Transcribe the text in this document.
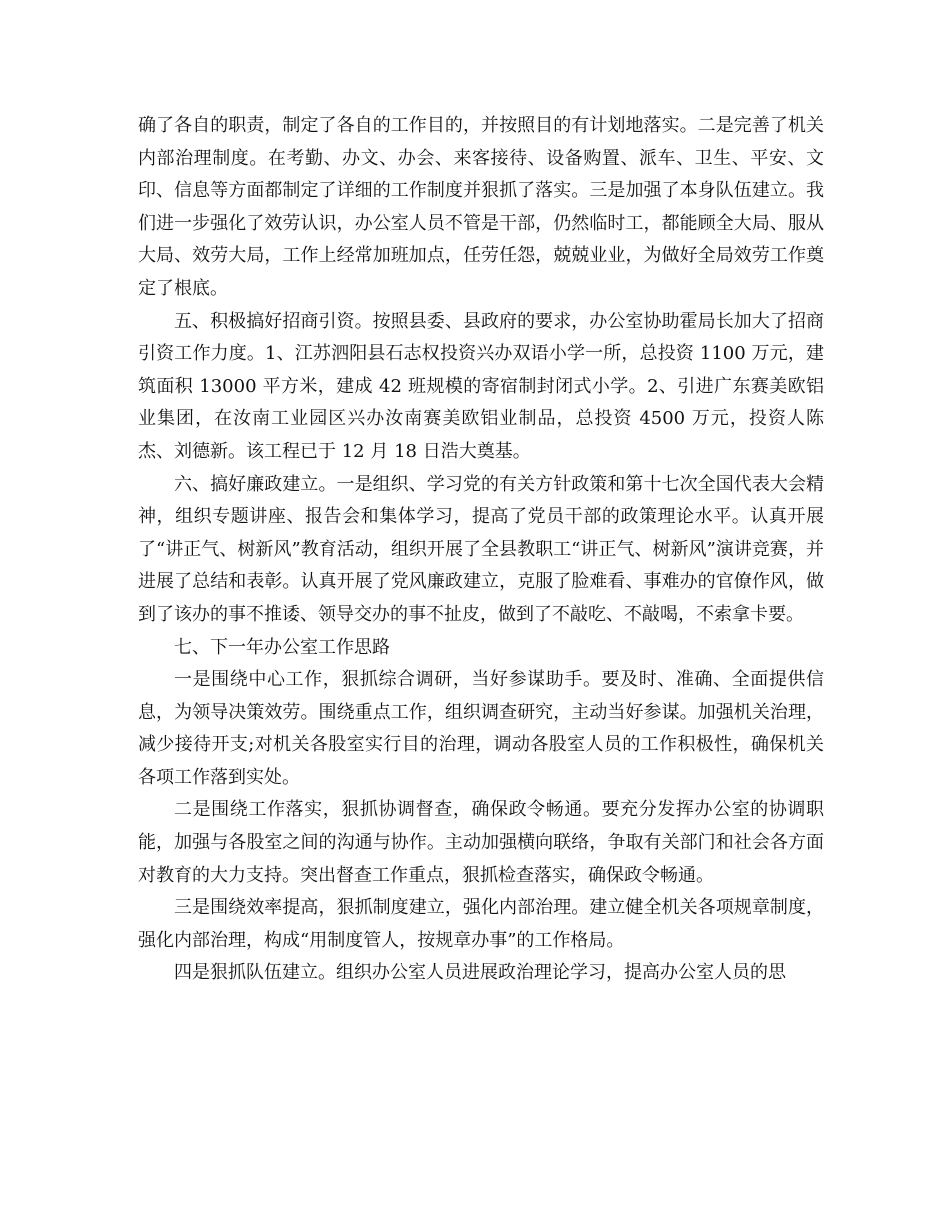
确了各自的职责，制定了各自的工作目的，并按照目的有计划地落实。二是完善了机关内部治理制度。在考勤、办文、办会、来客接待、设备购置、派车、卫生、平安、文印、信息等方面都制定了详细的工作制度并狠抓了落实。三是加强了本身队伍建立。我们进一步强化了效劳认识，办公室人员不管是干部，仍然临时工，都能顾全大局、服从大局、效劳大局，工作上经常加班加点，任劳任怨，兢兢业业，为做好全局效劳工作奠定了根底。

五、积极搞好招商引资。按照县委、县政府的要求，办公室协助霍局长加大了招商引资工作力度。1、江苏泗阳县石志权投资兴办双语小学一所，总投资 1100 万元，建筑面积 13000 平方米，建成 42 班规模的寄宿制封闭式小学。2、引进广东赛美欧铝业集团，在汝南工业园区兴办汝南赛美欧铝业制品，总投资 4500 万元，投资人陈杰、刘德新。该工程已于 12 月 18 日浩大奠基。

六、搞好廉政建立。一是组织、学习党的有关方针政策和第十七次全国代表大会精神，组织专题讲座、报告会和集体学习，提高了党员干部的政策理论水平。认真开展了“讲正气、树新风”教育活动，组织开展了全县教职工“讲正气、树新风”演讲竞赛，并进展了总结和表彰。认真开展了党风廉政建立，克服了脸难看、事难办的官僚作风，做到了该办的事不推诿、领导交办的事不扯皮，做到了不敲吃、不敲喝，不索拿卡要。

七、下一年办公室工作思路

一是围绕中心工作，狠抓综合调研，当好参谋助手。要及时、准确、全面提供信息，为领导决策效劳。围绕重点工作，组织调查研究，主动当好参谋。加强机关治理，减少接待开支;对机关各股室实行目的治理，调动各股室人员的工作积极性，确保机关各项工作落到实处。

二是围绕工作落实，狠抓协调督查，确保政令畅通。要充分发挥办公室的协调职能，加强与各股室之间的沟通与协作。主动加强横向联络，争取有关部门和社会各方面对教育的大力支持。突出督查工作重点，狠抓检查落实，确保政令畅通。

三是围绕效率提高，狠抓制度建立，强化内部治理。建立健全机关各项规章制度，强化内部治理，构成“用制度管人，按规章办事”的工作格局。

四是狠抓队伍建立。组织办公室人员进展政治理论学习，提高办公室人员的思
